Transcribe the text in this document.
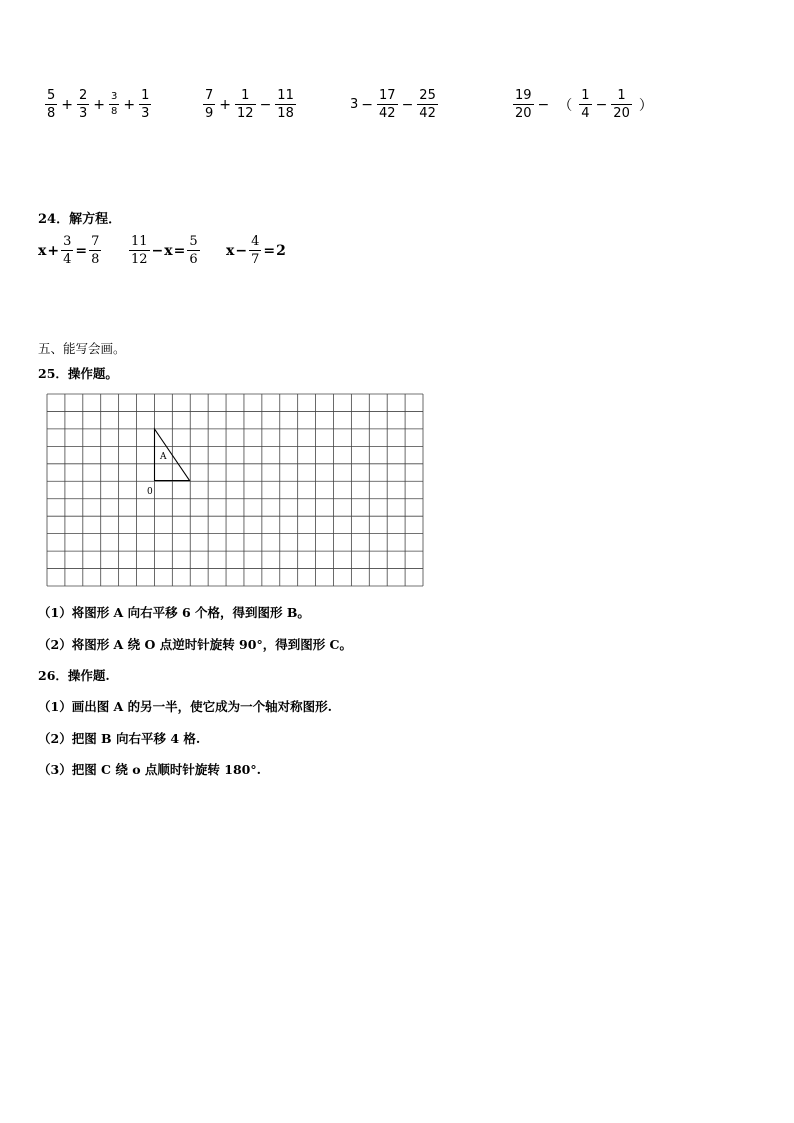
$\frac{5}{8} + \frac{2}{3} + \frac{3}{8} + \frac{1}{3}$	$\frac{7}{9} + \frac{1}{12} - \frac{11}{18}$	$3 - \frac{17}{42} - \frac{25}{42}$	$\frac{19}{20}$ − （ $\frac{1}{4} - \frac{1}{20}$ ）
24．解方程．
$x + \frac{3}{4} = \frac{7}{8} \frac{11}{12} - x = \frac{5}{6}$ $x - \frac{4}{7} = 2$
五、能写会画。
25．操作题。
A
0
（1）将图形 A 向右平移 6 个格，得到图形 B。
（2）将图形 A 绕 O 点逆时针旋转 90°，得到图形 C。
26．操作题.
（1）画出图 A 的另一半，使它成为一个轴对称图形.
（2）把图 B 向右平移 4 格.
（3）把图 C 绕 o 点顺时针旋转 180°.
